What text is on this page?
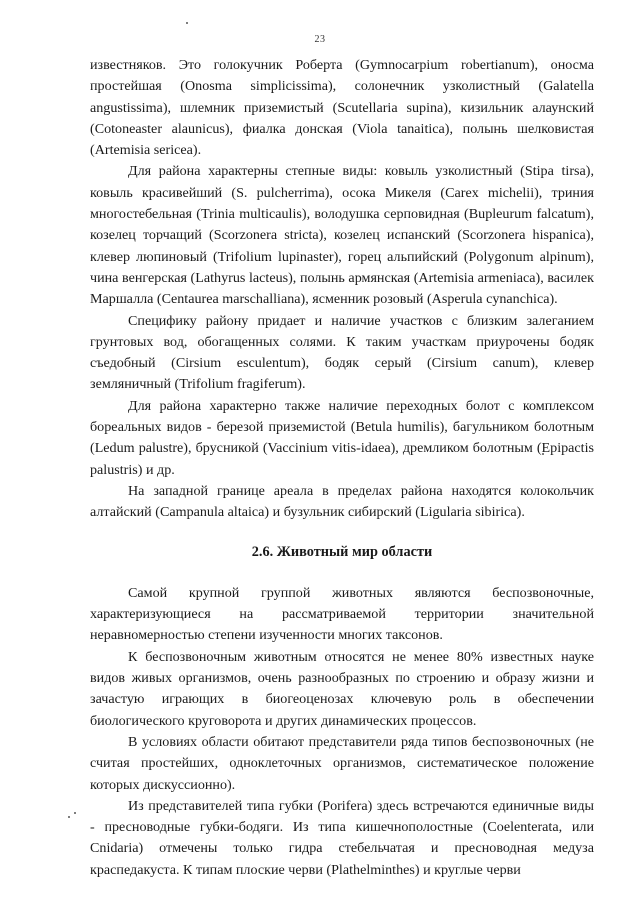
23

известняков. Это голокучник Роберта (Gymnocarpium robertianum), оносма простейшая (Onosma simplicissima), солонечник узколистный (Galatella angustissima), шлемник приземистый (Scutellaria supina), кизильник алаунский (Cotoneaster alaunicus), фиалка донская (Viola tanaitica), полынь шелковистая (Artemisia sericea).

Для района характерны степные виды: ковыль узколистный (Stipa tirsa), ковыль красивейший (S. pulcherrima), осока Микеля (Carex michelii), триния многостебельная (Trinia multicaulis), володушка серповидная (Bupleurum falcatum), козелец торчащий (Scorzonera stricta), козелец испанский (Scorzonera hispanica), клевер люпиновый (Trifolium lupinaster), горец альпийский (Polygonum alpinum), чина венгерская (Lathyrus lacteus), полынь армянская (Artemisia armeniaca), василек Маршалла (Centaurea marschalliana), ясменник розовый (Asperula cynanchica).

Специфику району придает и наличие участков с близким залеганием грунтовых вод, обогащенных солями. К таким участкам приурочены бодяк съедобный (Cirsium esculentum), бодяк серый (Cirsium canum), клевер земляничный (Trifolium fragiferum).

Для района характерно также наличие переходных болот с комплексом бореальных видов - березой приземистой (Betula humilis), багульником болотным (Ledum palustre), брусникой (Vaccinium vitis-idaea), дремликом болотным (Epipactis palustris) и др.

На западной границе ареала в пределах района находятся колокольчик алтайский (Campanula altaica) и бузульник сибирский (Ligularia sibirica).

2.6. Животный мир области

Самой крупной группой животных являются беспозвоночные, характеризующиеся на рассматриваемой территории значительной неравномерностью степени изученности многих таксонов.

К беспозвоночным животным относятся не менее 80% известных науке видов живых организмов, очень разнообразных по строению и образу жизни и зачастую играющих в биогеоценозах ключевую роль в обеспечении биологического круговорота и других динамических процессов.

В условиях области обитают представители ряда типов беспозвоночных (не считая простейших, одноклеточных организмов, систематическое положение которых дискуссионно).

Из представителей типа губки (Porifera) здесь встречаются единичные виды - пресноводные губки-бодяги. Из типа кишечнополостные (Coelenterata, или Cnidaria) отмечены только гидра стебельчатая и пресноводная медуза краспедакуста. К типам плоские черви (Plathelminthes) и круглые черви
